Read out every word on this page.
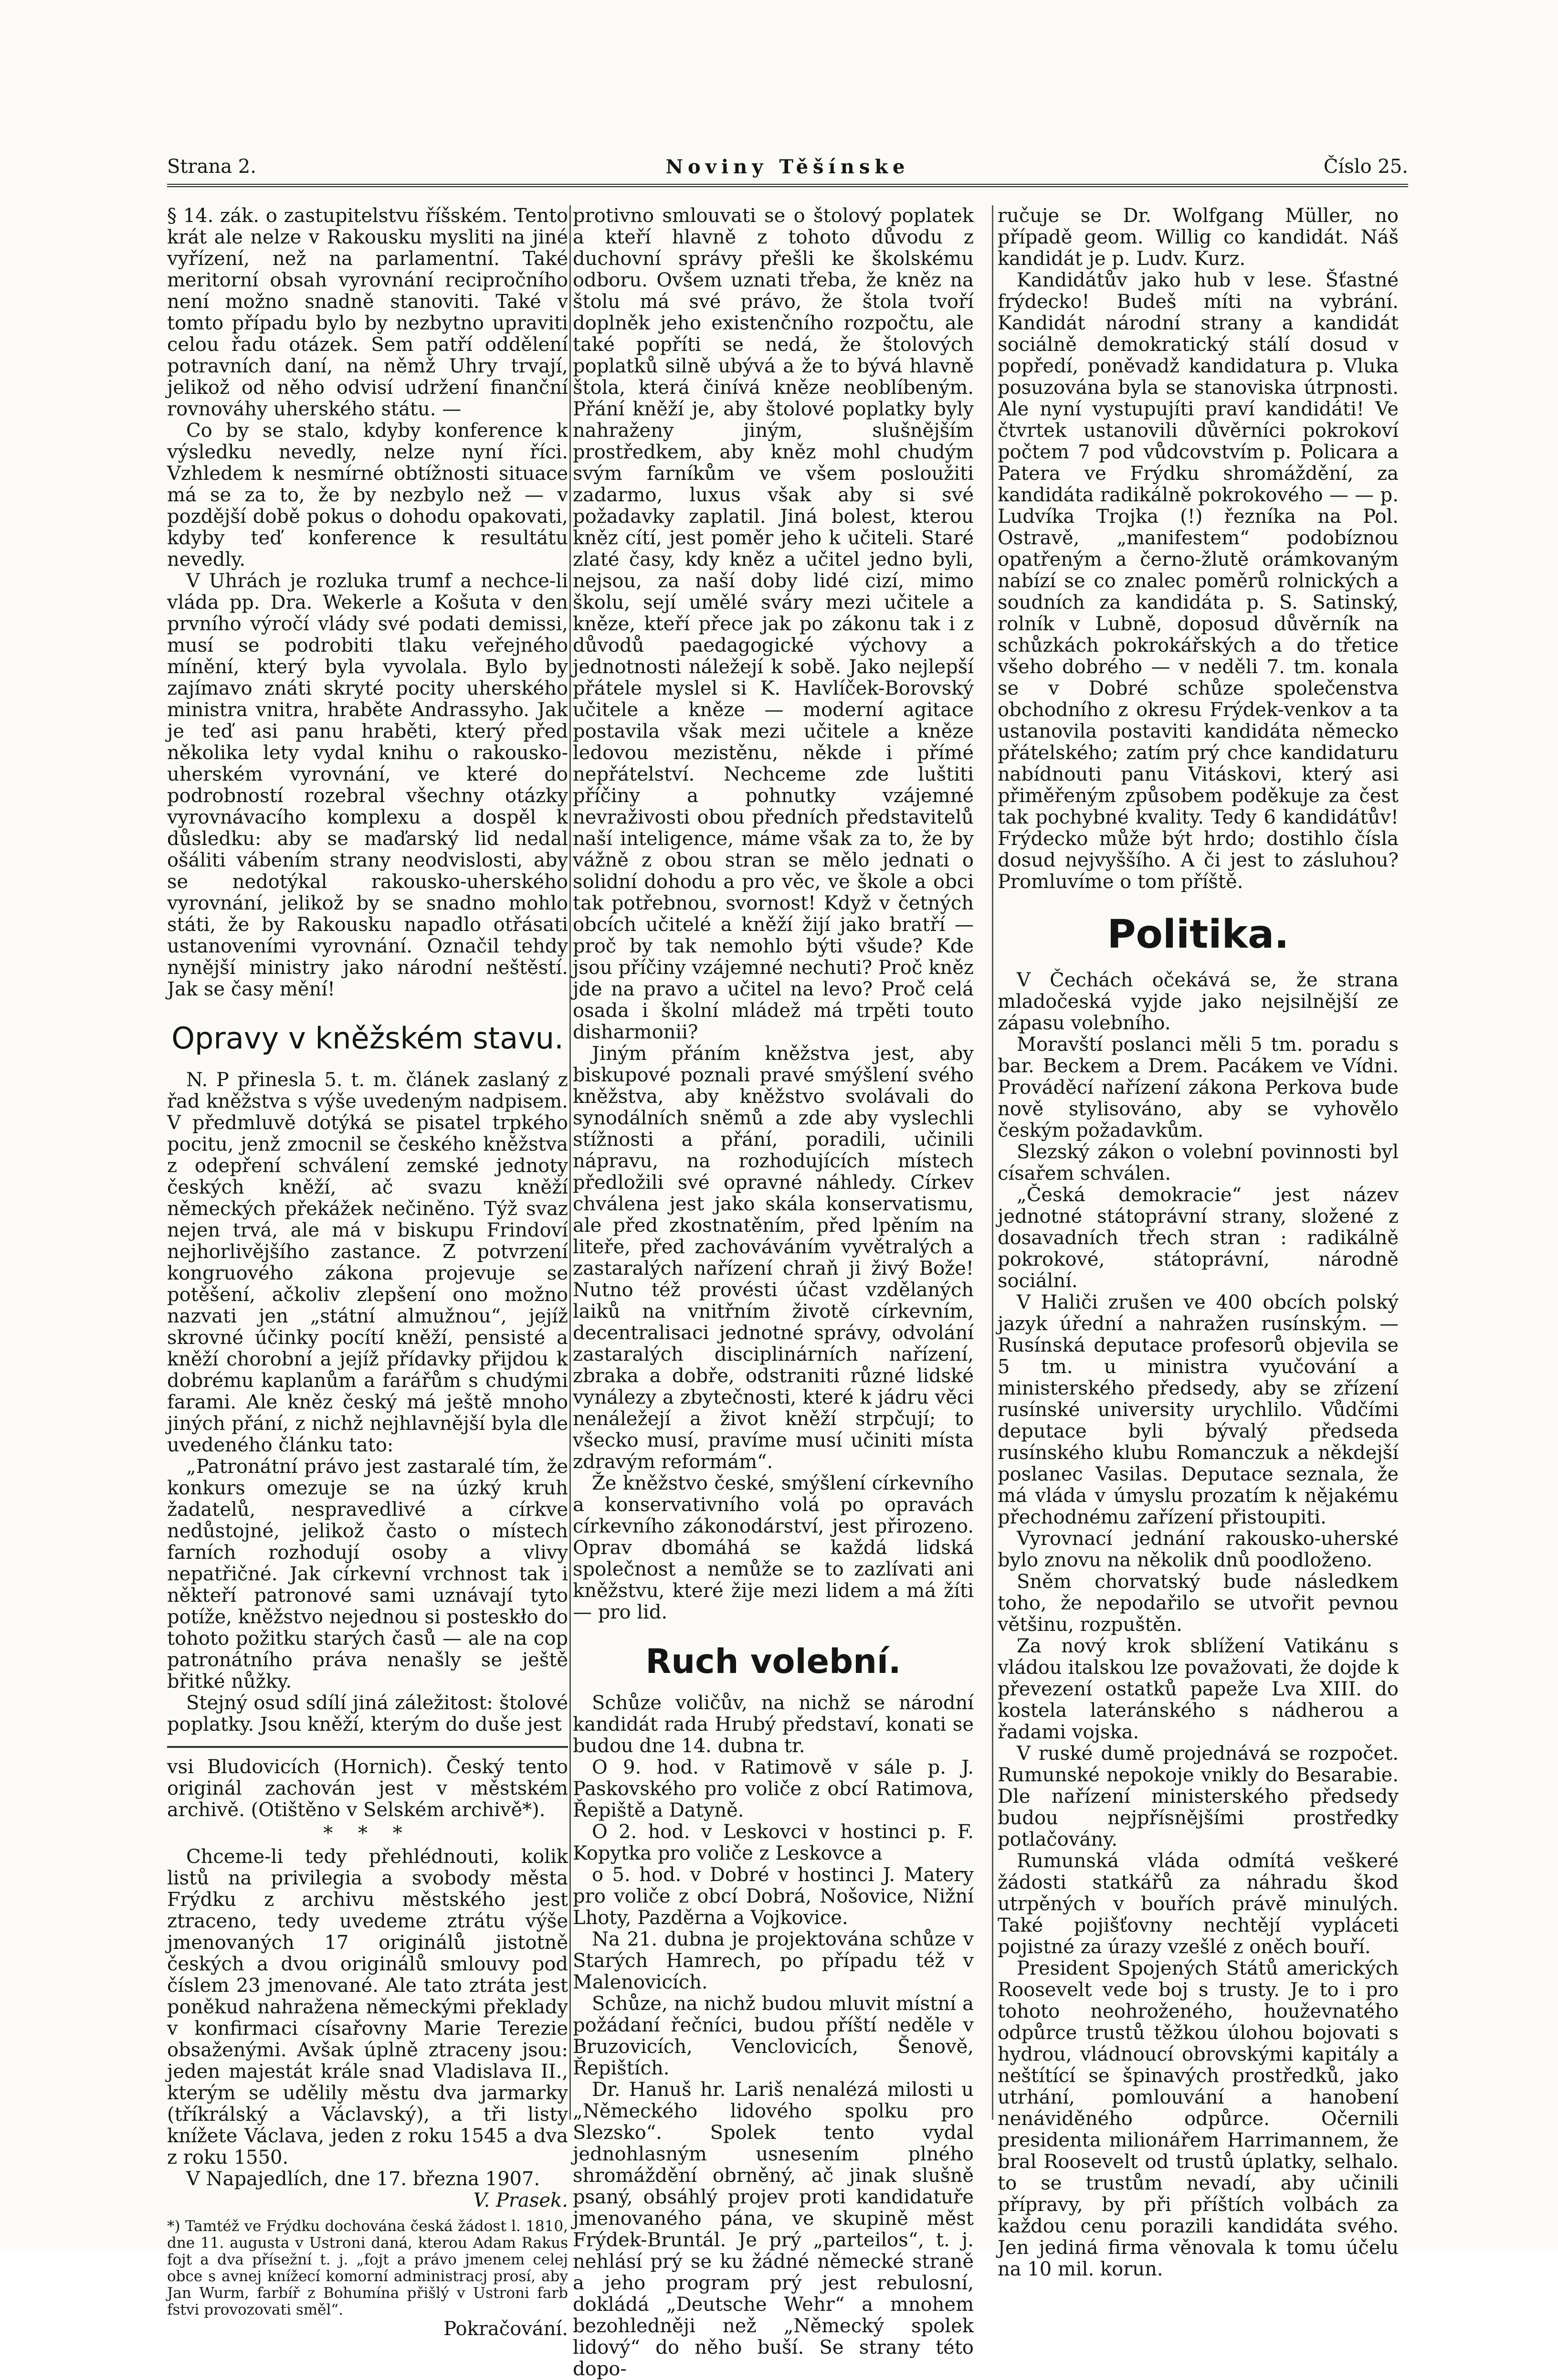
Strana 2.	Noviny Těšínske	Číslo 25.

§ 14. zák. o zastupitelstvu říšském. Tento krát ale nelze v Rakousku mysliti na jiné vyřízení, než na parlamentní. Také meritorní obsah vyrovnání recipročního není možno snadně stanoviti. Také v tomto případu bylo by nezbytno upraviti celou řadu otázek. Sem patří oddělení potravních daní, na němž Uhry trvají, jelikož od něho odvisí udržení finanční rovnováhy uherského státu. —

Co by se stalo, kdyby konference k výsledku nevedly, nelze nyní říci. Vzhledem k nesmírné obtížnosti situace má se za to, že by nezbylo než — v pozdější době pokus o dohodu opakovati, kdyby teď konference k resultátu nevedly.

V Uhrách je rozluka trumf a nechce-li vláda pp. Dra. Wekerle a Košuta v den prvního výročí vlády své podati demissi, musí se podrobiti tlaku veřejného mínění, který byla vyvolala. Bylo by zajímavo znáti skryté pocity uherského ministra vnitra, hraběte Andrassyho. Jak je teď asi panu hraběti, který před několika lety vydal knihu o rakousko-uherském vyrovnání, ve které do podrobností rozebral všechny otázky vyrovnávacího komplexu a dospěl k důsledku: aby se maďarský lid nedal ošáliti vábením strany neodvislosti, aby se nedotýkal rakousko-uherského vyrovnání, jelikož by se snadno mohlo státi, že by Rakousku napadlo otřásati ustanoveními vyrovnání. Označil tehdy nynější ministry jako národní neštěstí. Jak se časy mění!

Opravy v kněžském stavu.

N. P přinesla 5. t. m. článek zaslaný z řad kněžstva s výše uvedeným nadpisem. V předmluvě dotýká se pisatel trpkého pocitu, jenž zmocnil se českého kněžstva z odepření schválení zemské jednoty českých kněží, ač svazu kněží německých překážek nečiněno. Týž svaz nejen trvá, ale má v biskupu Frindoví nejhorlivějšího zastance. Z potvrzení kongruového zákona projevuje se potěšení, ačkoliv zlepšení ono možno nazvati jen „státní almužnou“, jejíž skrovné účinky pocítí kněží, pensisté a kněží chorobní a jejíž přídavky přijdou k dobrému kaplanům a farářům s chudými farami. Ale kněz český má ještě mnoho jiných přání, z nichž nejhlavnější byla dle uvedeného článku tato:

„Patronátní právo jest zastaralé tím, že konkurs omezuje se na úzký kruh žadatelů, nespravedlivé a církve nedůstojné, jelikož často o místech farních rozhodují osoby a vlivy nepatřičné. Jak církevní vrchnost tak i někteří patronové sami uznávají tyto potíže, kněžstvo nejednou si posteskło do tohoto požitku starých časů — ale na cop patronátního práva nenašly se ještě břitké nůžky.

Stejný osud sdílí jiná záležitost: štolové poplatky. Jsou kněží, kterým do duše jest

vsi Bludovicích (Hornich). Český tento originál zachován jest v městském archivě. (Otištěno v Selském archivě*).

* * *

Chceme-li tedy přehlédnouti, kolik listů na privilegia a svobody města Frýdku z archivu městského jest ztraceno, tedy uvedeme ztrátu výše jmenovaných 17 originálů jistotně českých a dvou originálů smlouvy pod číslem 23 jmenované. Ale tato ztráta jest poněkud nahražena německými překlady v konfirmaci císařovny Marie Terezie obsaženými. Avšak úplně ztraceny jsou: jeden majestát krále snad Vladislava II., kterým se udělily městu dva jarmarky (tříkrálský a Václavský), a tři listy knížete Václava, jeden z roku 1545 a dva z roku 1550.

V Napajedlích, dne 17. března 1907.

V. Prasek.
*) Tamtéž ve Frýdku dochována česká žádost l. 1810, dne 11. augusta v Ustroni daná, kterou Adam Rakus fojt a dva přísežní t. j. „fojt a právo jmenem celej obce s avnej knížecí komorní administracj prosí, aby Jan Wurm, farbíř z Bohumína přišlý v Ustroni farb fstvi provozovati směl“.
Pokračování.

protivno smlouvati se o štolový poplatek a kteří hlavně z tohoto důvodu z duchovní správy přešli ke školskému odboru. Ovšem uznati třeba, že kněz na štolu má své právo, že štola tvoří doplněk jeho existenčního rozpočtu, ale také popříti se nedá, že štolových poplatků silně ubývá a že to bývá hlavně štola, která činívá kněze neoblíbeným. Přání kněží je, aby štolové poplatky byly nahraženy jiným, slušnějším prostředkem, aby kněz mohl chudým svým farníkům ve všem posloužiti zadarmo, luxus však aby si své požadavky zaplatil. Jiná bolest, kterou kněz cítí, jest poměr jeho k učiteli. Staré zlaté časy, kdy kněz a učitel jedno byli, nejsou, za naší doby lidé cizí, mimo školu, sejí umělé sváry mezi učitele a kněze, kteří přece jak po zákonu tak i z důvodů paedagogické výchovy a jednotnosti náležejí k sobě. Jako nejlepší přátele myslel si K. Havlíček-Borovský učitele a kněze — moderní agitace postavila však mezi učitele a kněze ledovou mezistěnu, někde i přímé nepřátelství. Nechceme zde luštiti příčiny a pohnutky vzájemné nevraživosti obou předních představitelů naší inteligence, máme však za to, že by vážně z obou stran se mělo jednati o solidní dohodu a pro věc, ve škole a obci tak potřebnou, svornost! Když v četných obcích učitelé a kněží žijí jako bratří — proč by tak nemohlo býti všude? Kde jsou příčiny vzájemné nechuti? Proč kněz jde na pravo a učitel na levo? Proč celá osada i školní mládež má trpěti touto disharmonii?

Jiným přáním kněžstva jest, aby biskupové poznali pravé smýšlení svého kněžstva, aby kněžstvo svolávali do synodálních sněmů a zde aby vyslechli stížnosti a přání, poradili, učinili nápravu, na rozhodujících místech předložili své opravné náhledy. Církev chválena jest jako skála konservatismu, ale před zkostnatěním, před lpěním na liteře, před zachováváním vyvětralých a zastaralých nařízení chraň ji živý Bože! Nutno též provésti účast vzdělaných laiků na vnitřním životě církevním, decentralisaci jednotné správy, odvolání zastaralých disciplinárních nařízení, zbraka a dobře, odstraniti různé lidské vynálezy a zbytečnosti, které k jádru věci nenáležejí a život kněží strpčují; to všecko musí, pravíme musí učiniti místa zdravým reformám“.

Že kněžstvo české, smýšlení církevního a konservativního volá po opravách církevního zákonodárství, jest přirozeno. Oprav dbomáhá se každá lidská společnost a nemůže se to zazlívati ani kněžstvu, které žije mezi lidem a má žíti — pro lid.

Ruch volební.

Schůze voličův, na nichž se národní kandidát rada Hrubý představí, konati se budou dne 14. dubna tr.

O 9. hod. v Ratimově v sále p. J. Paskovského pro voliče z obcí Ratimova, Řepiště a Datyně.

O 2. hod. v Leskovci v hostinci p. F. Kopytka pro voliče z Leskovce a

o 5. hod. v Dobré v hostinci J. Matery pro voliče z obcí Dobrá, Nošovice, Nižní Lhoty, Pazděrna a Vojkovice.

Na 21. dubna je projektována schůze v Starých Hamrech, po případu též v Malenovicích.

Schůze, na nichž budou mluvit místní a požádaní řečníci, budou příští neděle v Bruzovicích, Venclovicích, Šenově, Řepištích.

Dr. Hanuš hr. Lariš nenalézá milosti u „Německého lidového spolku pro Slezsko“. Spolek tento vydal jednohlasným usnesením plného shromáždění obrněný, ač jinak slušně psaný, obsáhlý projev proti kandidatuře jmenovaného pána, ve skupině měst Frýdek-Bruntál. Je prý „parteilos“, t. j. nehlásí prý se ku žádné německé straně a jeho program prý jest rebulosní, dokládá „Deutsche Wehr“ a mnohem bezohledněji než „Německý spolek lidový“ do něho buší. Se strany této dopo-

ručuje se Dr. Wolfgang Müller, no případě geom. Willig co kandidát. Náš kandidát je p. Ludv. Kurz.

Kandidátův jako hub v lese. Šťastné frýdecko! Budeš míti na vybrání. Kandidát národní strany a kandidát sociálně demokratický stálí dosud v popředí, poněvadž kandidatura p. Vluka posuzována byla se stanoviska útrpnosti. Ale nyní vystupujíti praví kandidáti! Ve čtvrtek ustanovili důvěrníci pokrokoví počtem 7 pod vůdcovstvím p. Policara a Patera ve Frýdku shromáždění, za kandidáta radikálně pokrokového — — p. Ludvíka Trojka (!) řezníka na Pol. Ostravě, „manifestem“ podobíznou opatřeným a černo-žlutě orámkovaným nabízí se co znalec poměrů rolnických a soudních za kandidáta p. S. Satinský, rolník v Lubně, doposud důvěrník na schůzkách pokrokářských a do třetice všeho dobrého — v neděli 7. tm. konala se v Dobré schůze společenstva obchodního z okresu Frýdek-venkov a ta ustanovila postaviti kandidáta německo přátelského; zatím prý chce kandidaturu nabídnouti panu Vitáskovi, který asi přiměřeným způsobem poděkuje za čest tak pochybné kvality. Tedy 6 kandidátův! Frýdecko může být hrdo; dostihlo čísla dosud nejvyššího. A či jest to zásluhou? Promluvíme o tom příště.

Politika.

V Čechách očekává se, že strana mladočeská vyjde jako nejsilnější ze zápasu volebního.

Moravští poslanci měli 5 tm. poradu s bar. Beckem a Drem. Pacákem ve Vídni. Prováděcí nařízení zákona Perkova bude nově stylisováno, aby se vyhovělo českým požadavkům.

Slezský zákon o volební povinnosti byl císařem schválen.

„Česká demokracie“ jest název jednotné státoprávní strany, složené z dosavadních třech stran : radikálně pokrokové, státoprávní, národně sociální.

V Haliči zrušen ve 400 obcích polský jazyk úřední a nahražen rusínským. — Rusínská deputace profesorů objevila se 5 tm. u ministra vyučování a ministerského předsedy, aby se zřízení rusínské university urychlilo. Vůdčími deputace byli bývalý předseda rusínského klubu Romanczuk a někdejší poslanec Vasilas. Deputace seznala, že má vláda v úmyslu prozatím k nějakému přechodnému zařízení přistoupiti.

Vyrovnací jednání rakousko-uherské bylo znovu na několik dnů poodloženo.

Sněm chorvatský bude následkem toho, že nepodařilo se utvořit pevnou většinu, rozpuštěn.

Za nový krok sblížení Vatikánu s vládou italskou lze považovati, že dojde k převezení ostatků papeže Lva XIII. do kostela lateránského s nádherou a řadami vojska.

V ruské dumě projednává se rozpočet. Rumunské nepokoje vnikly do Besarabie. Dle nařízení ministerského předsedy budou nejpřísnějšími prostředky potlačovány.

Rumunská vláda odmítá veškeré žádosti statkářů za náhradu škod utrpěných v bouřích právě minulých. Také pojišťovny nechtějí vypláceti pojistné za úrazy vzešlé z oněch bouří.

President Spojených Států amerických Roosevelt vede boj s trusty. Je to i pro tohoto neohroženého, houževnatého odpůrce trustů těžkou úlohou bojovati s hydrou, vládnoucí obrovskými kapitály a neštítící se špinavých prostředků, jako utrhání, pomlouvání a hanobení nenáviděného odpůrce. Očernili presidenta milionářem Harrimannem, že bral Roosevelt od trustů úplatky, selhalo. to se trustům nevadí, aby učinili přípravy, by při příštích volbách za každou cenu porazili kandidáta svého. Jen jediná firma věnovala k tomu účelu na 10 mil. korun.
